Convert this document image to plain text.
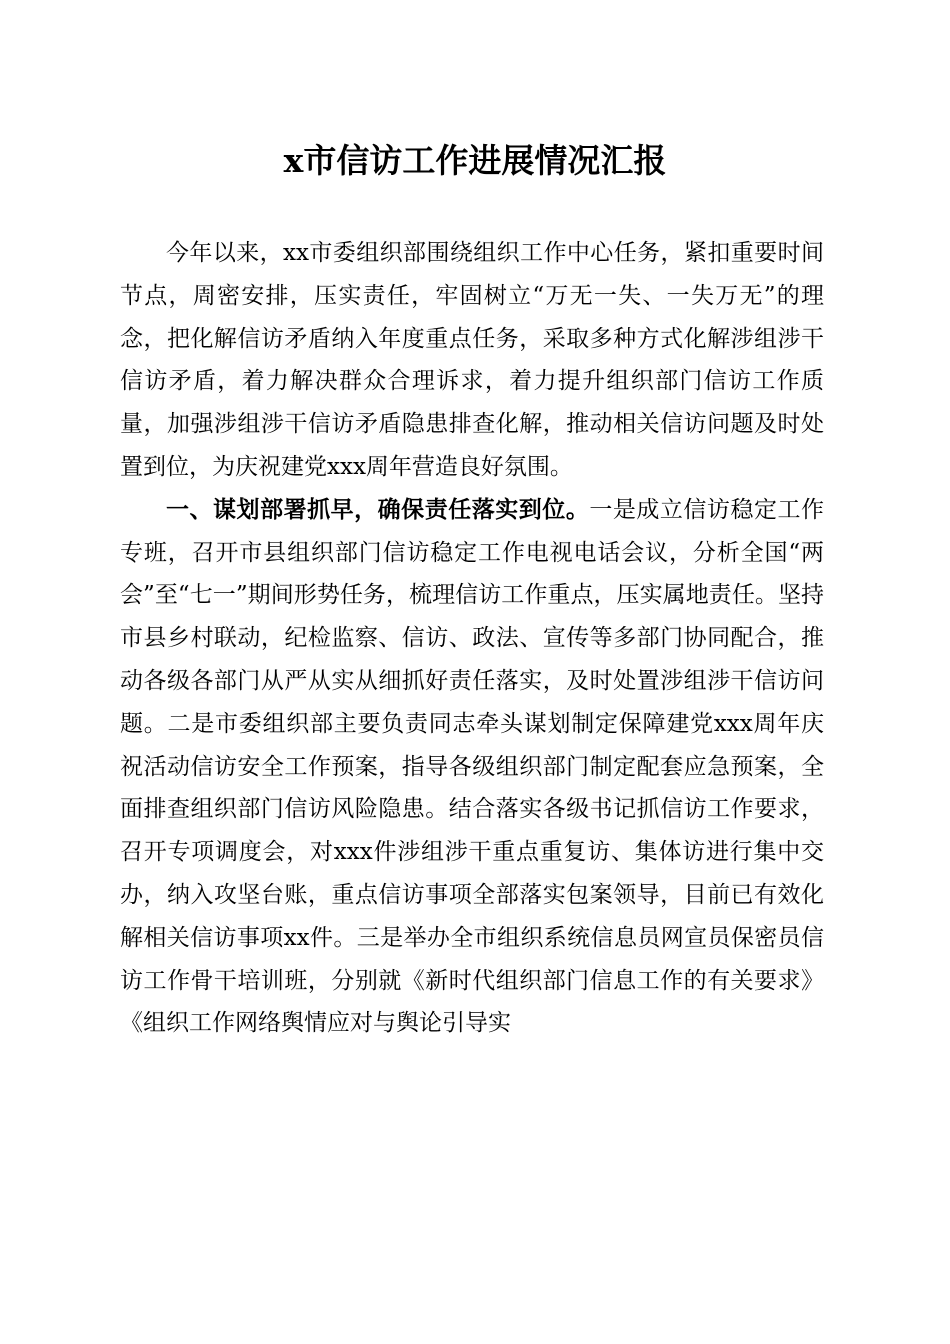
x市信访工作进展情况汇报

今年以来，xx市委组织部围绕组织工作中心任务，紧扣重要时间节点，周密安排，压实责任，牢固树立“万无一失、一失万无”的理念，把化解信访矛盾纳入年度重点任务，采取多种方式化解涉组涉干信访矛盾，着力解决群众合理诉求，着力提升组织部门信访工作质量，加强涉组涉干信访矛盾隐患排查化解，推动相关信访问题及时处置到位，为庆祝建党xxx周年营造良好氛围。

一、谋划部署抓早，确保责任落实到位。一是成立信访稳定工作专班，召开市县组织部门信访稳定工作电视电话会议，分析全国“两会”至“七一”期间形势任务，梳理信访工作重点，压实属地责任。坚持市县乡村联动，纪检监察、信访、政法、宣传等多部门协同配合，推动各级各部门从严从实从细抓好责任落实，及时处置涉组涉干信访问题。二是市委组织部主要负责同志牵头谋划制定保障建党xxx周年庆祝活动信访安全工作预案，指导各级组织部门制定配套应急预案，全面排查组织部门信访风险隐患。结合落实各级书记抓信访工作要求，召开专项调度会，对xxx件涉组涉干重点重复访、集体访进行集中交办，纳入攻坚台账，重点信访事项全部落实包案领导，目前已有效化解相关信访事项xx件。三是举办全市组织系统信息员网宣员保密员信访工作骨干培训班，分别就《新时代组织部门信息工作的有关要求》《组织工作网络舆情应对与舆论引导实
